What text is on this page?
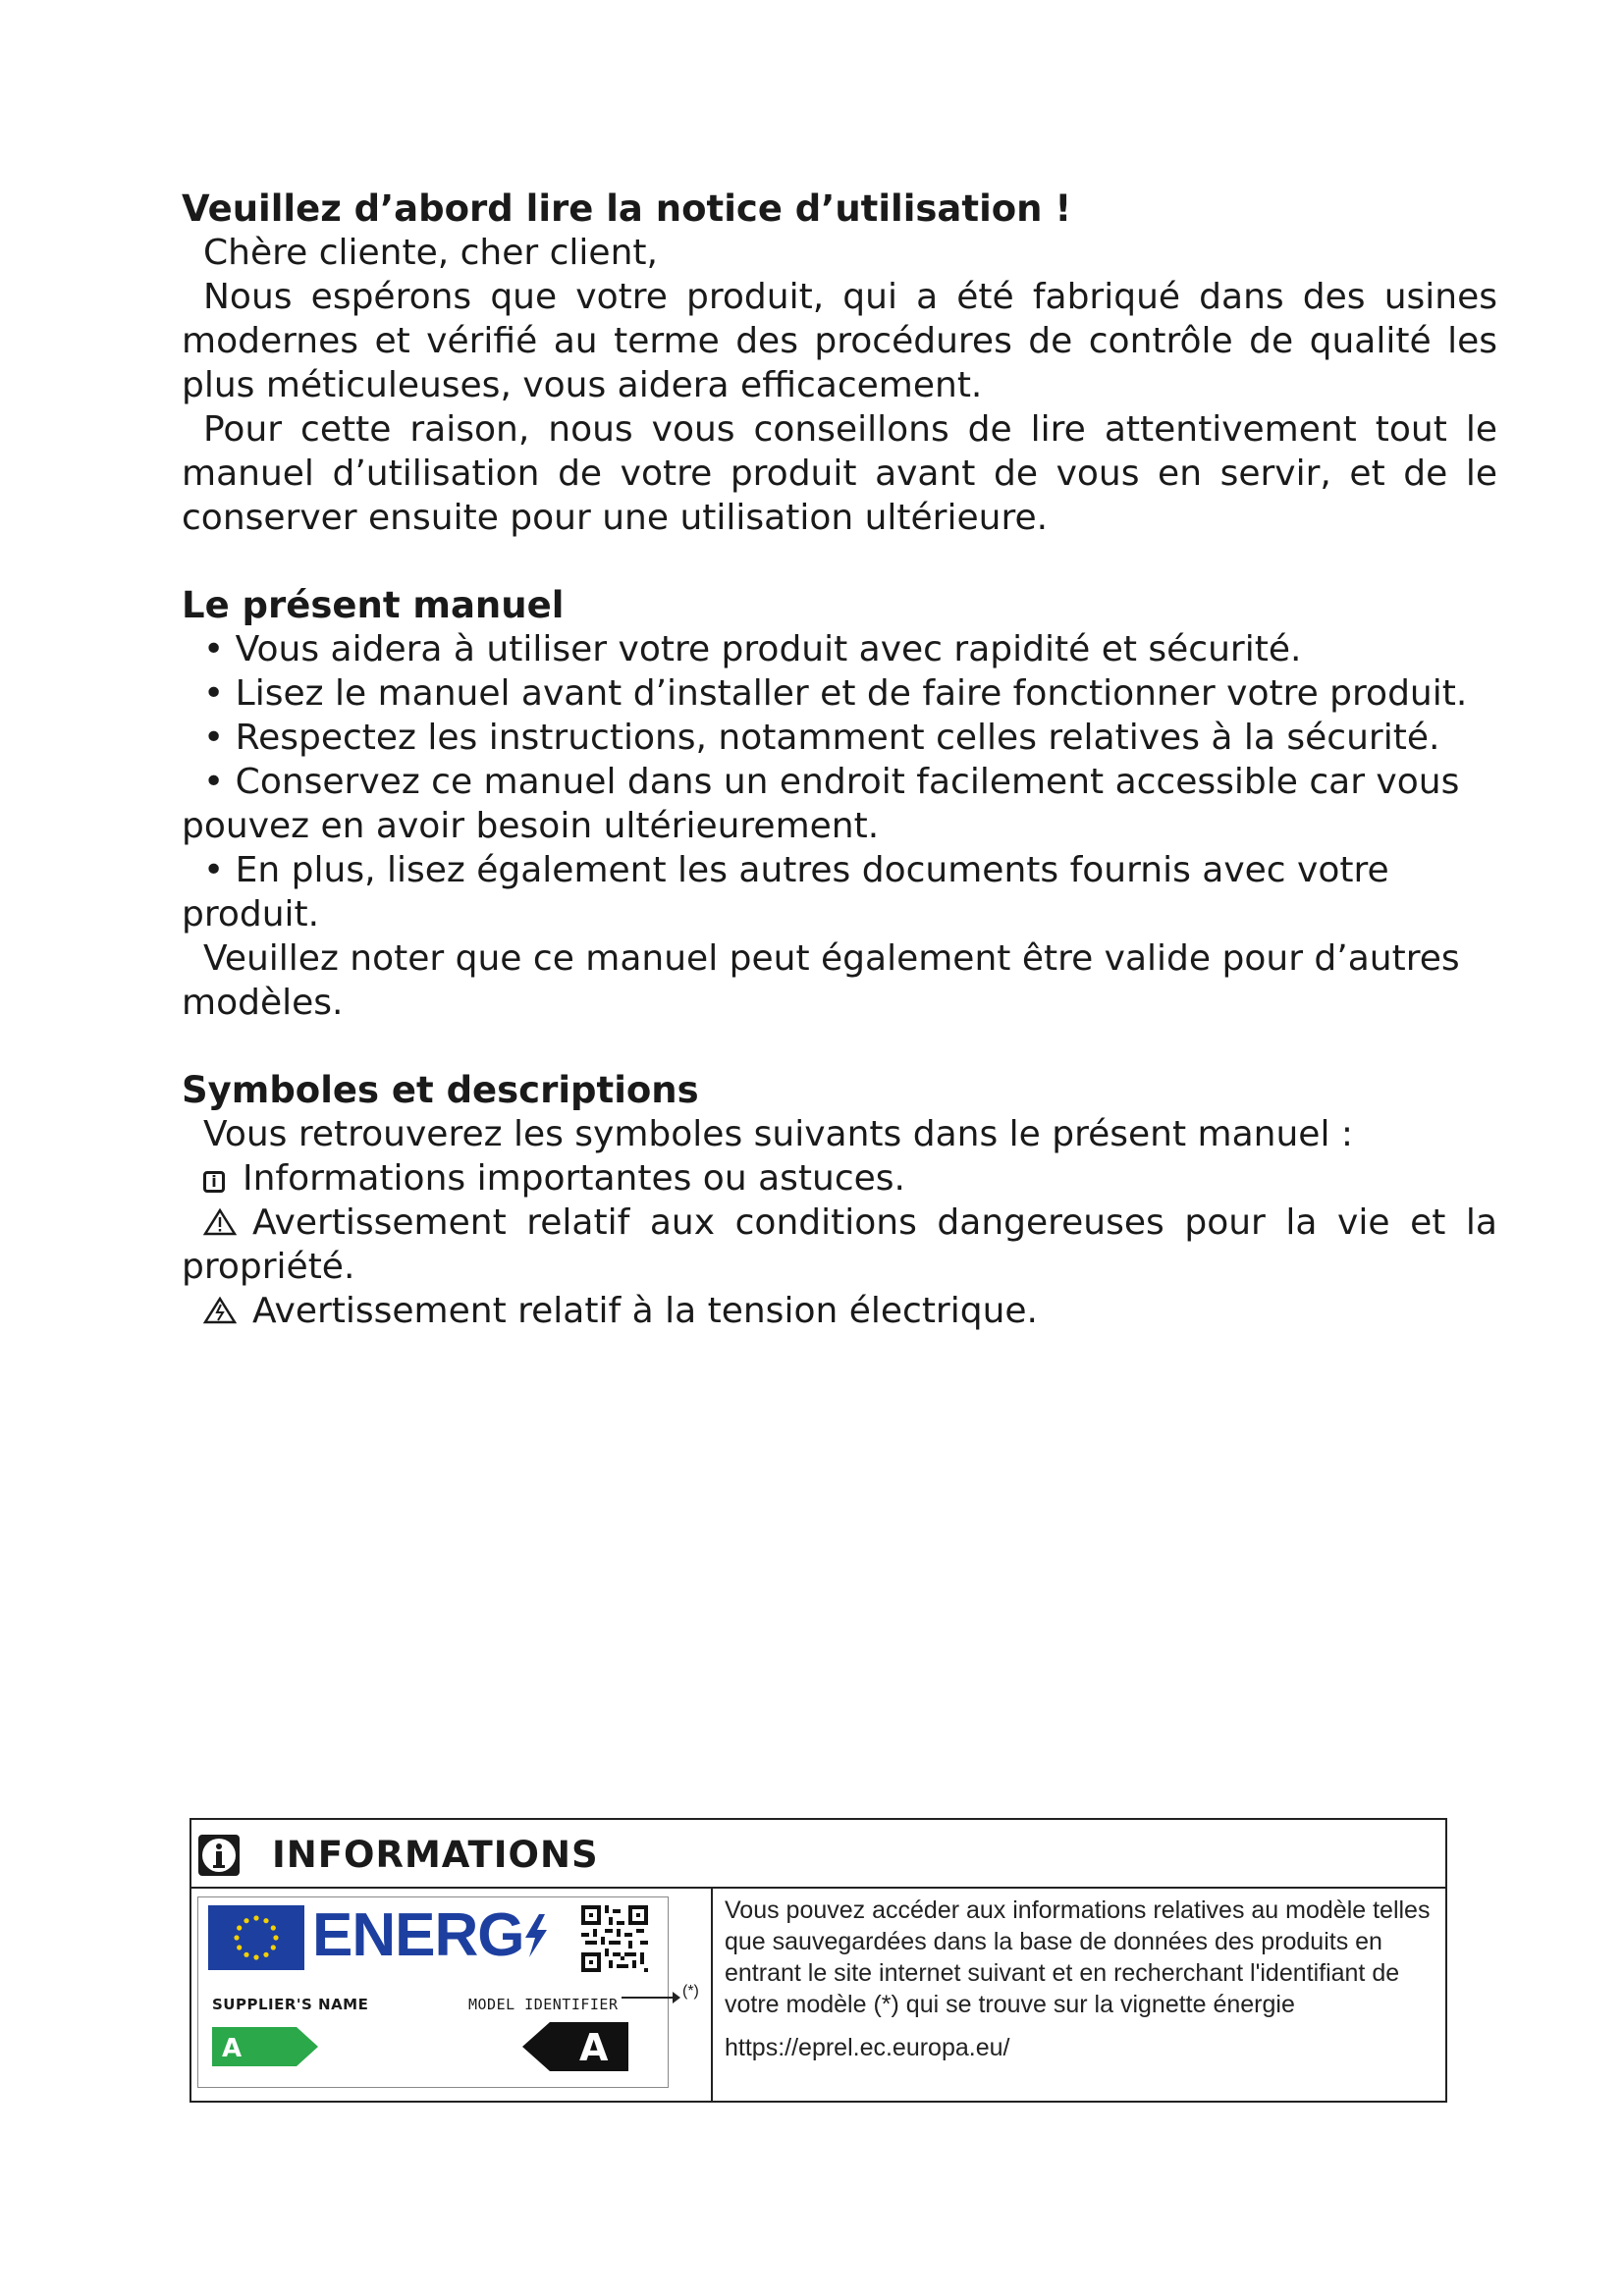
Veuillez d’abord lire la notice d’utilisation !

Chère cliente, cher client,

Nous espérons que votre produit, qui a été fabriqué dans des usines modernes et vérifié au terme des procédures de contrôle de qualité les plus méticuleuses, vous aidera efficacement.

Pour cette raison, nous vous conseillons de lire attentivement tout le manuel d’utilisation de votre produit avant de vous en servir, et de le conserver ensuite pour une utilisation ultérieure.

Le présent manuel

• Vous aidera à utiliser votre produit avec rapidité et sécurité.

• Lisez le manuel avant d’installer et de faire fonctionner votre produit.

• Respectez les instructions, notamment celles relatives à la sécurité.

• Conservez ce manuel dans un endroit facilement accessible car vous pouvez en avoir besoin ultérieurement.

• En plus, lisez également les autres documents fournis avec votre produit.

Veuillez noter que ce manuel peut également être valide pour d’autres modèles.

Symboles et descriptions

Vous retrouverez les symboles suivants dans le présent manuel :

i Informations importantes ou astuces.

Avertissement relatif aux conditions dangereuses pour la vie et la propriété.

Avertissement relatif à la tension électrique.

INFORMATIONS
ENERG
SUPPLIER'S NAME	MODEL IDENTIFIER
A	A
(*)
Vous pouvez accéder aux informations relatives au modèle telles que sauvegardées dans la base de données des produits en entrant le site internet suivant et en recherchant l'identifiant de votre modèle (*) qui se trouve sur la vignette énergie
https://eprel.ec.europa.eu/
